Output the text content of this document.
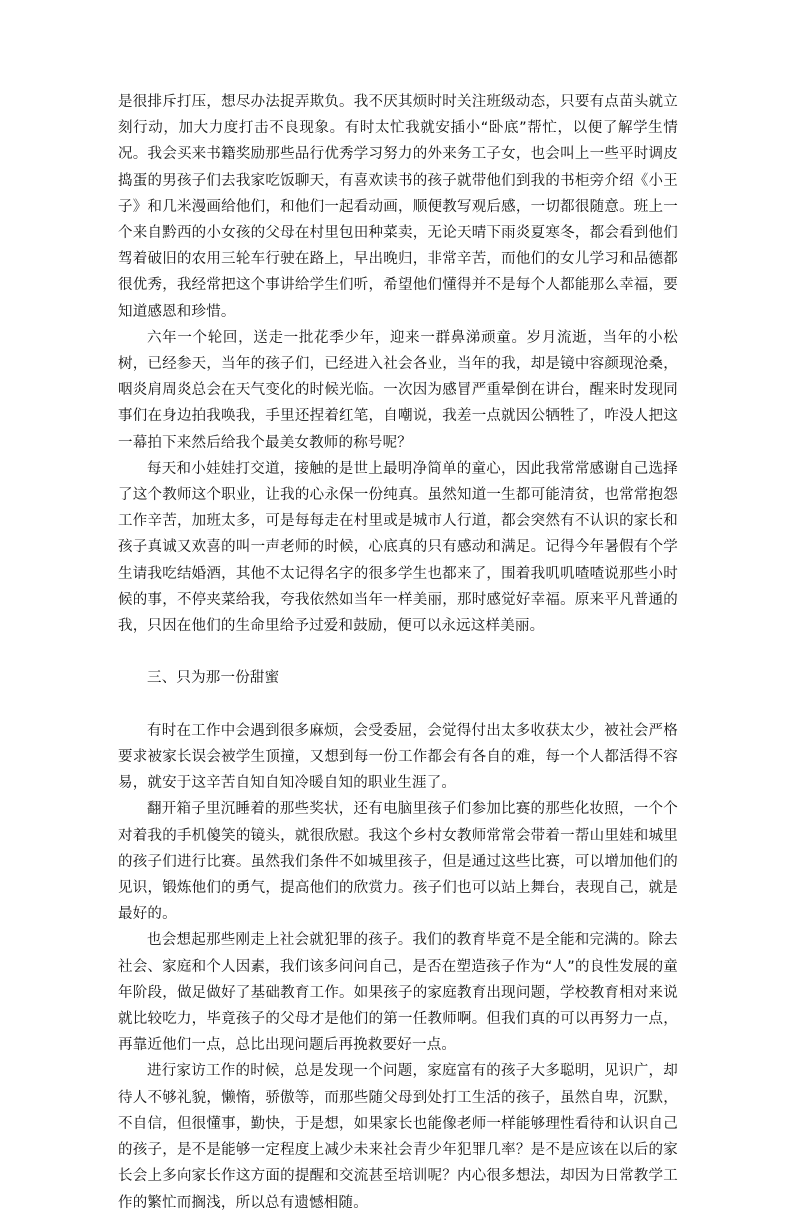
是很排斥打压，想尽办法捉弄欺负。我不厌其烦时时关注班级动态，只要有点苗头就立刻行动，加大力度打击不良现象。有时太忙我就安插小“卧底”帮忙，以便了解学生情况。我会买来书籍奖励那些品行优秀学习努力的外来务工子女，也会叫上一些平时调皮捣蛋的男孩子们去我家吃饭聊天，有喜欢读书的孩子就带他们到我的书柜旁介绍《小王子》和几米漫画给他们，和他们一起看动画，顺便教写观后感，一切都很随意。班上一个来自黔西的小女孩的父母在村里包田种菜卖，无论天晴下雨炎夏寒冬，都会看到他们驾着破旧的农用三轮车行驶在路上，早出晚归，非常辛苦，而他们的女儿学习和品德都很优秀，我经常把这个事讲给学生们听，希望他们懂得并不是每个人都能那么幸福，要知道感恩和珍惜。

六年一个轮回，送走一批花季少年，迎来一群鼻涕顽童。岁月流逝，当年的小松树，已经参天，当年的孩子们，已经进入社会各业，当年的我，却是镜中容颜现沧桑，咽炎肩周炎总会在天气变化的时候光临。一次因为感冒严重晕倒在讲台，醒来时发现同事们在身边拍我唤我，手里还捏着红笔，自嘲说，我差一点就因公牺牲了，咋没人把这一幕拍下来然后给我个最美女教师的称号呢？

每天和小娃娃打交道，接触的是世上最明净简单的童心，因此我常常感谢自己选择了这个教师这个职业，让我的心永保一份纯真。虽然知道一生都可能清贫，也常常抱怨工作辛苦，加班太多，可是每每走在村里或是城市人行道，都会突然有不认识的家长和孩子真诚又欢喜的叫一声老师的时候，心底真的只有感动和满足。记得今年暑假有个学生请我吃结婚酒，其他不太记得名字的很多学生也都来了，围着我叽叽喳喳说那些小时候的事，不停夹菜给我，夸我依然如当年一样美丽，那时感觉好幸福。原来平凡普通的我，只因在他们的生命里给予过爱和鼓励，便可以永远这样美丽。

三、只为那一份甜蜜

有时在工作中会遇到很多麻烦，会受委屈，会觉得付出太多收获太少，被社会严格要求被家长误会被学生顶撞，又想到每一份工作都会有各自的难，每一个人都活得不容易，就安于这辛苦自知自知冷暖自知的职业生涯了。

翻开箱子里沉睡着的那些奖状，还有电脑里孩子们参加比赛的那些化妆照，一个个对着我的手机傻笑的镜头，就很欣慰。我这个乡村女教师常常会带着一帮山里娃和城里的孩子们进行比赛。虽然我们条件不如城里孩子，但是通过这些比赛，可以增加他们的见识，锻炼他们的勇气，提高他们的欣赏力。孩子们也可以站上舞台，表现自己，就是最好的。

也会想起那些刚走上社会就犯罪的孩子。我们的教育毕竟不是全能和完满的。除去社会、家庭和个人因素，我们该多问问自己，是否在塑造孩子作为“人”的良性发展的童年阶段，做足做好了基础教育工作。如果孩子的家庭教育出现问题，学校教育相对来说就比较吃力，毕竟孩子的父母才是他们的第一任教师啊。但我们真的可以再努力一点，再靠近他们一点，总比出现问题后再挽救要好一点。

进行家访工作的时候，总是发现一个问题，家庭富有的孩子大多聪明，见识广，却待人不够礼貌，懒惰，骄傲等，而那些随父母到处打工生活的孩子，虽然自卑，沉默，不自信，但很懂事，勤快，于是想，如果家长也能像老师一样能够理性看待和认识自己的孩子，是不是能够一定程度上减少未来社会青少年犯罪几率？是不是应该在以后的家长会上多向家长作这方面的提醒和交流甚至培训呢？内心很多想法，却因为日常教学工作的繁忙而搁浅，所以总有遗憾相随。
